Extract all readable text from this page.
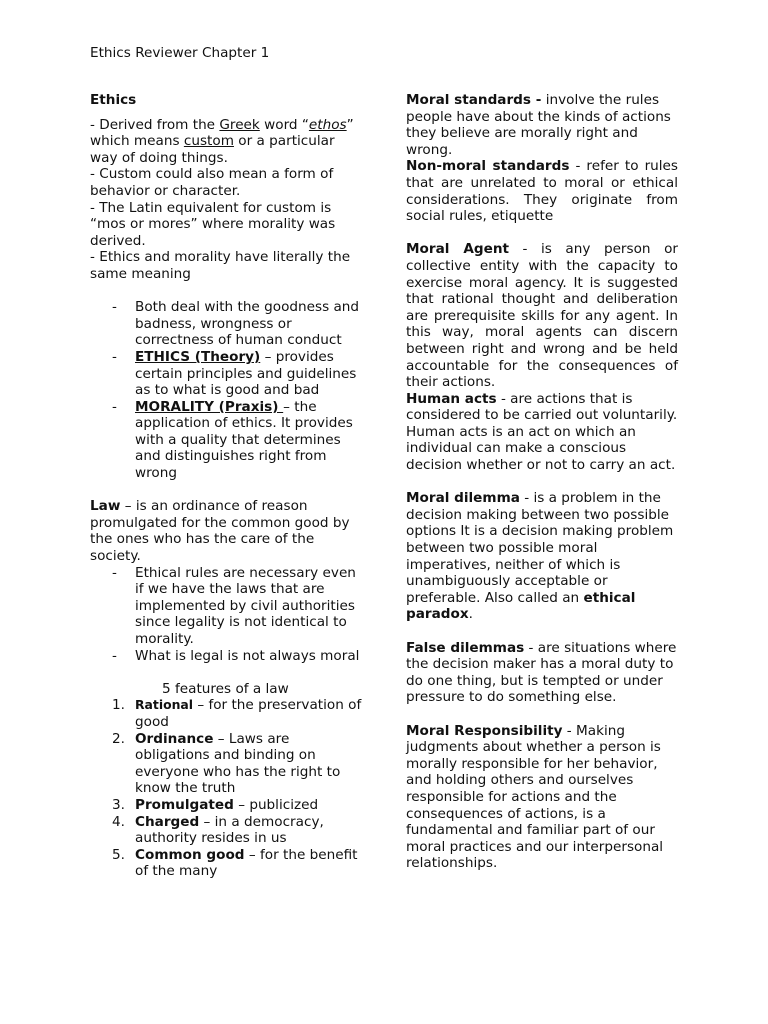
Ethics Reviewer Chapter 1

Ethics

- Derived from the Greek word “ethos” which means custom or a particular way of doing things.

- Custom could also mean a form of behavior or character.

- The Latin equivalent for custom is “mos or mores” where morality was derived.

- Ethics and morality have literally the same meaning

- Both deal with the goodness and badness, wrongness or correctness of human conduct
- ETHICS (Theory) – provides certain principles and guidelines as to what is good and bad
- MORALITY (Praxis) – the application of ethics. It provides with a quality that determines and distinguishes right from wrong

Law – is an ordinance of reason promulgated for the common good by the ones who has the care of the society.

- Ethical rules are necessary even if we have the laws that are implemented by civil authorities since legality is not identical to morality.
- What is legal is not always moral

5 features of a law

1. Rational – for the preservation of good
2. Ordinance – Laws are obligations and binding on everyone who has the right to know the truth
3. Promulgated – publicized
4. Charged – in a democracy, authority resides in us
5. Common good – for the benefit of the many

Moral standards - involve the rules people have about the kinds of actions they believe are morally right and wrong.

Non-moral standards - refer to rules that are unrelated to moral or ethical considerations. They originate from social rules, etiquette

Moral Agent - is any person or collective entity with the capacity to exercise moral agency. It is suggested that rational thought and deliberation are prerequisite skills for any agent. In this way, moral agents can discern between right and wrong and be held accountable for the consequences of their actions.

Human acts - are actions that is considered to be carried out voluntarily. Human acts is an act on which an individual can make a conscious decision whether or not to carry an act.

Moral dilemma - is a problem in the decision making between two possible options It is a decision making problem between two possible moral imperatives, neither of which is unambiguously acceptable or preferable. Also called an ethical paradox.

False dilemmas - are situations where the decision maker has a moral duty to do one thing, but is tempted or under pressure to do something else.

Moral Responsibility - Making judgments about whether a person is morally responsible for her behavior, and holding others and ourselves responsible for actions and the consequences of actions, is a fundamental and familiar part of our moral practices and our interpersonal relationships.
